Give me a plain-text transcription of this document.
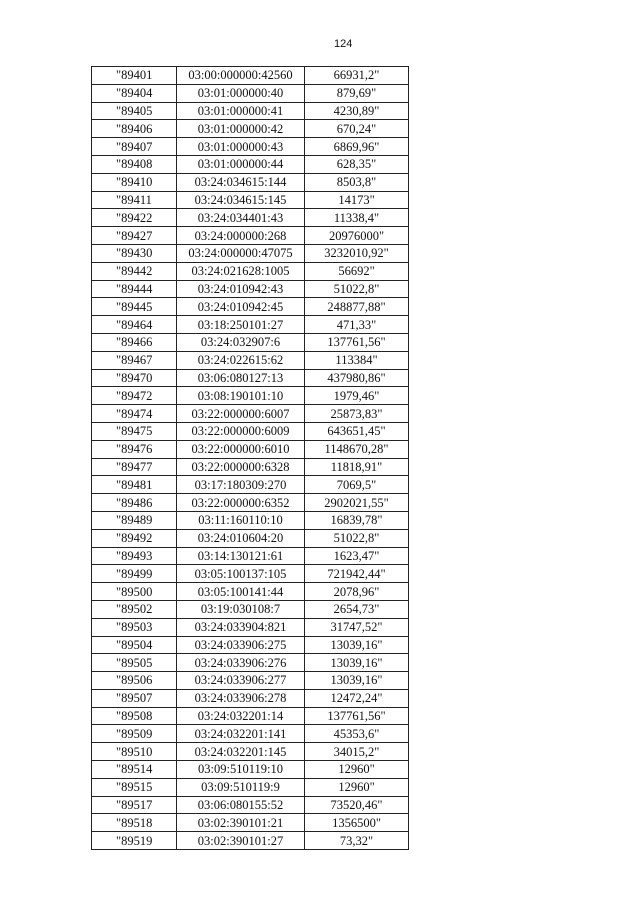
124
"89401	03:00:000000:42560	66931,2"
"89404	03:01:000000:40	879,69"
"89405	03:01:000000:41	4230,89"
"89406	03:01:000000:42	670,24"
"89407	03:01:000000:43	6869,96"
"89408	03:01:000000:44	628,35"
"89410	03:24:034615:144	8503,8"
"89411	03:24:034615:145	14173"
"89422	03:24:034401:43	11338,4"
"89427	03:24:000000:268	20976000"
"89430	03:24:000000:47075	3232010,92"
"89442	03:24:021628:1005	56692"
"89444	03:24:010942:43	51022,8"
"89445	03:24:010942:45	248877,88"
"89464	03:18:250101:27	471,33"
"89466	03:24:032907:6	137761,56"
"89467	03:24:022615:62	113384"
"89470	03:06:080127:13	437980,86"
"89472	03:08:190101:10	1979,46"
"89474	03:22:000000:6007	25873,83"
"89475	03:22:000000:6009	643651,45"
"89476	03:22:000000:6010	1148670,28"
"89477	03:22:000000:6328	11818,91"
"89481	03:17:180309:270	7069,5"
"89486	03:22:000000:6352	2902021,55"
"89489	03:11:160110:10	16839,78"
"89492	03:24:010604:20	51022,8"
"89493	03:14:130121:61	1623,47"
"89499	03:05:100137:105	721942,44"
"89500	03:05:100141:44	2078,96"
"89502	03:19:030108:7	2654,73"
"89503	03:24:033904:821	31747,52"
"89504	03:24:033906:275	13039,16"
"89505	03:24:033906:276	13039,16"
"89506	03:24:033906:277	13039,16"
"89507	03:24:033906:278	12472,24"
"89508	03:24:032201:14	137761,56"
"89509	03:24:032201:141	45353,6"
"89510	03:24:032201:145	34015,2"
"89514	03:09:510119:10	12960"
"89515	03:09:510119:9	12960"
"89517	03:06:080155:52	73520,46"
"89518	03:02:390101:21	1356500"
"89519	03:02:390101:27	73,32"
